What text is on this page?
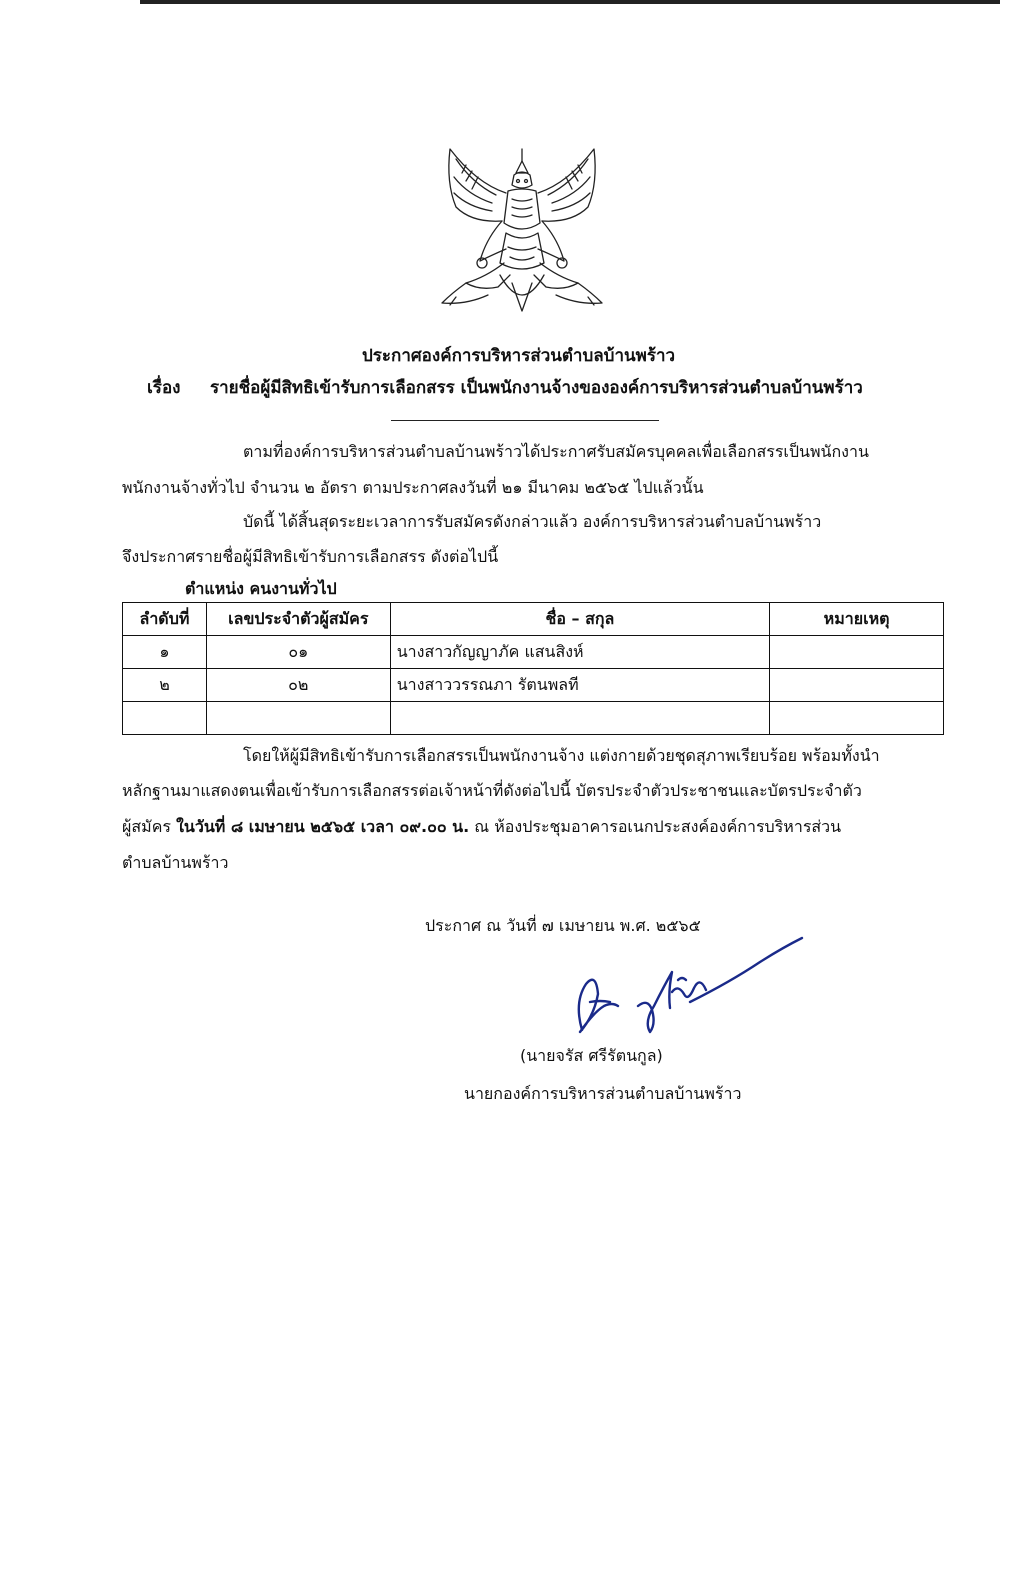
ประกาศองค์การบริหารส่วนตำบลบ้านพร้าว
เรื่อง รายชื่อผู้มีสิทธิเข้ารับการเลือกสรร เป็นพนักงานจ้างขององค์การบริหารส่วนตำบลบ้านพร้าว
ตามที่องค์การบริหารส่วนตำบลบ้านพร้าวได้ประกาศรับสมัครบุคคลเพื่อเลือกสรรเป็นพนักงาน
พนักงานจ้างทั่วไป จำนวน ๒ อัตรา ตามประกาศลงวันที่ ๒๑ มีนาคม ๒๕๖๕ ไปแล้วนั้น
บัดนี้ ได้สิ้นสุดระยะเวลาการรับสมัครดังกล่าวแล้ว องค์การบริหารส่วนตำบลบ้านพร้าว
จึงประกาศรายชื่อผู้มีสิทธิเข้ารับการเลือกสรร ดังต่อไปนี้
ตำแหน่ง คนงานทั่วไป
ลำดับที่	เลขประจำตัวผู้สมัคร	ชื่อ – สกุล	หมายเหตุ
๑	๐๑	นางสาวกัญญาภัค แสนสิงห์	
๒	๐๒	นางสาววรรณภา รัตนพลที	

โดยให้ผู้มีสิทธิเข้ารับการเลือกสรรเป็นพนักงานจ้าง แต่งกายด้วยชุดสุภาพเรียบร้อย พร้อมทั้งนำ
หลักฐานมาแสดงตนเพื่อเข้ารับการเลือกสรรต่อเจ้าหน้าที่ดังต่อไปนี้ บัตรประจำตัวประชาชนและบัตรประจำตัว
ผู้สมัคร ในวันที่ ๘ เมษายน ๒๕๖๕ เวลา ๐๙.๐๐ น. ณ ห้องประชุมอาคารอเนกประสงค์องค์การบริหารส่วน
ตำบลบ้านพร้าว
ประกาศ ณ วันที่ ๗ เมษายน พ.ศ. ๒๕๖๕
(นายจรัส ศรีรัตนกูล)
นายกองค์การบริหารส่วนตำบลบ้านพร้าว
